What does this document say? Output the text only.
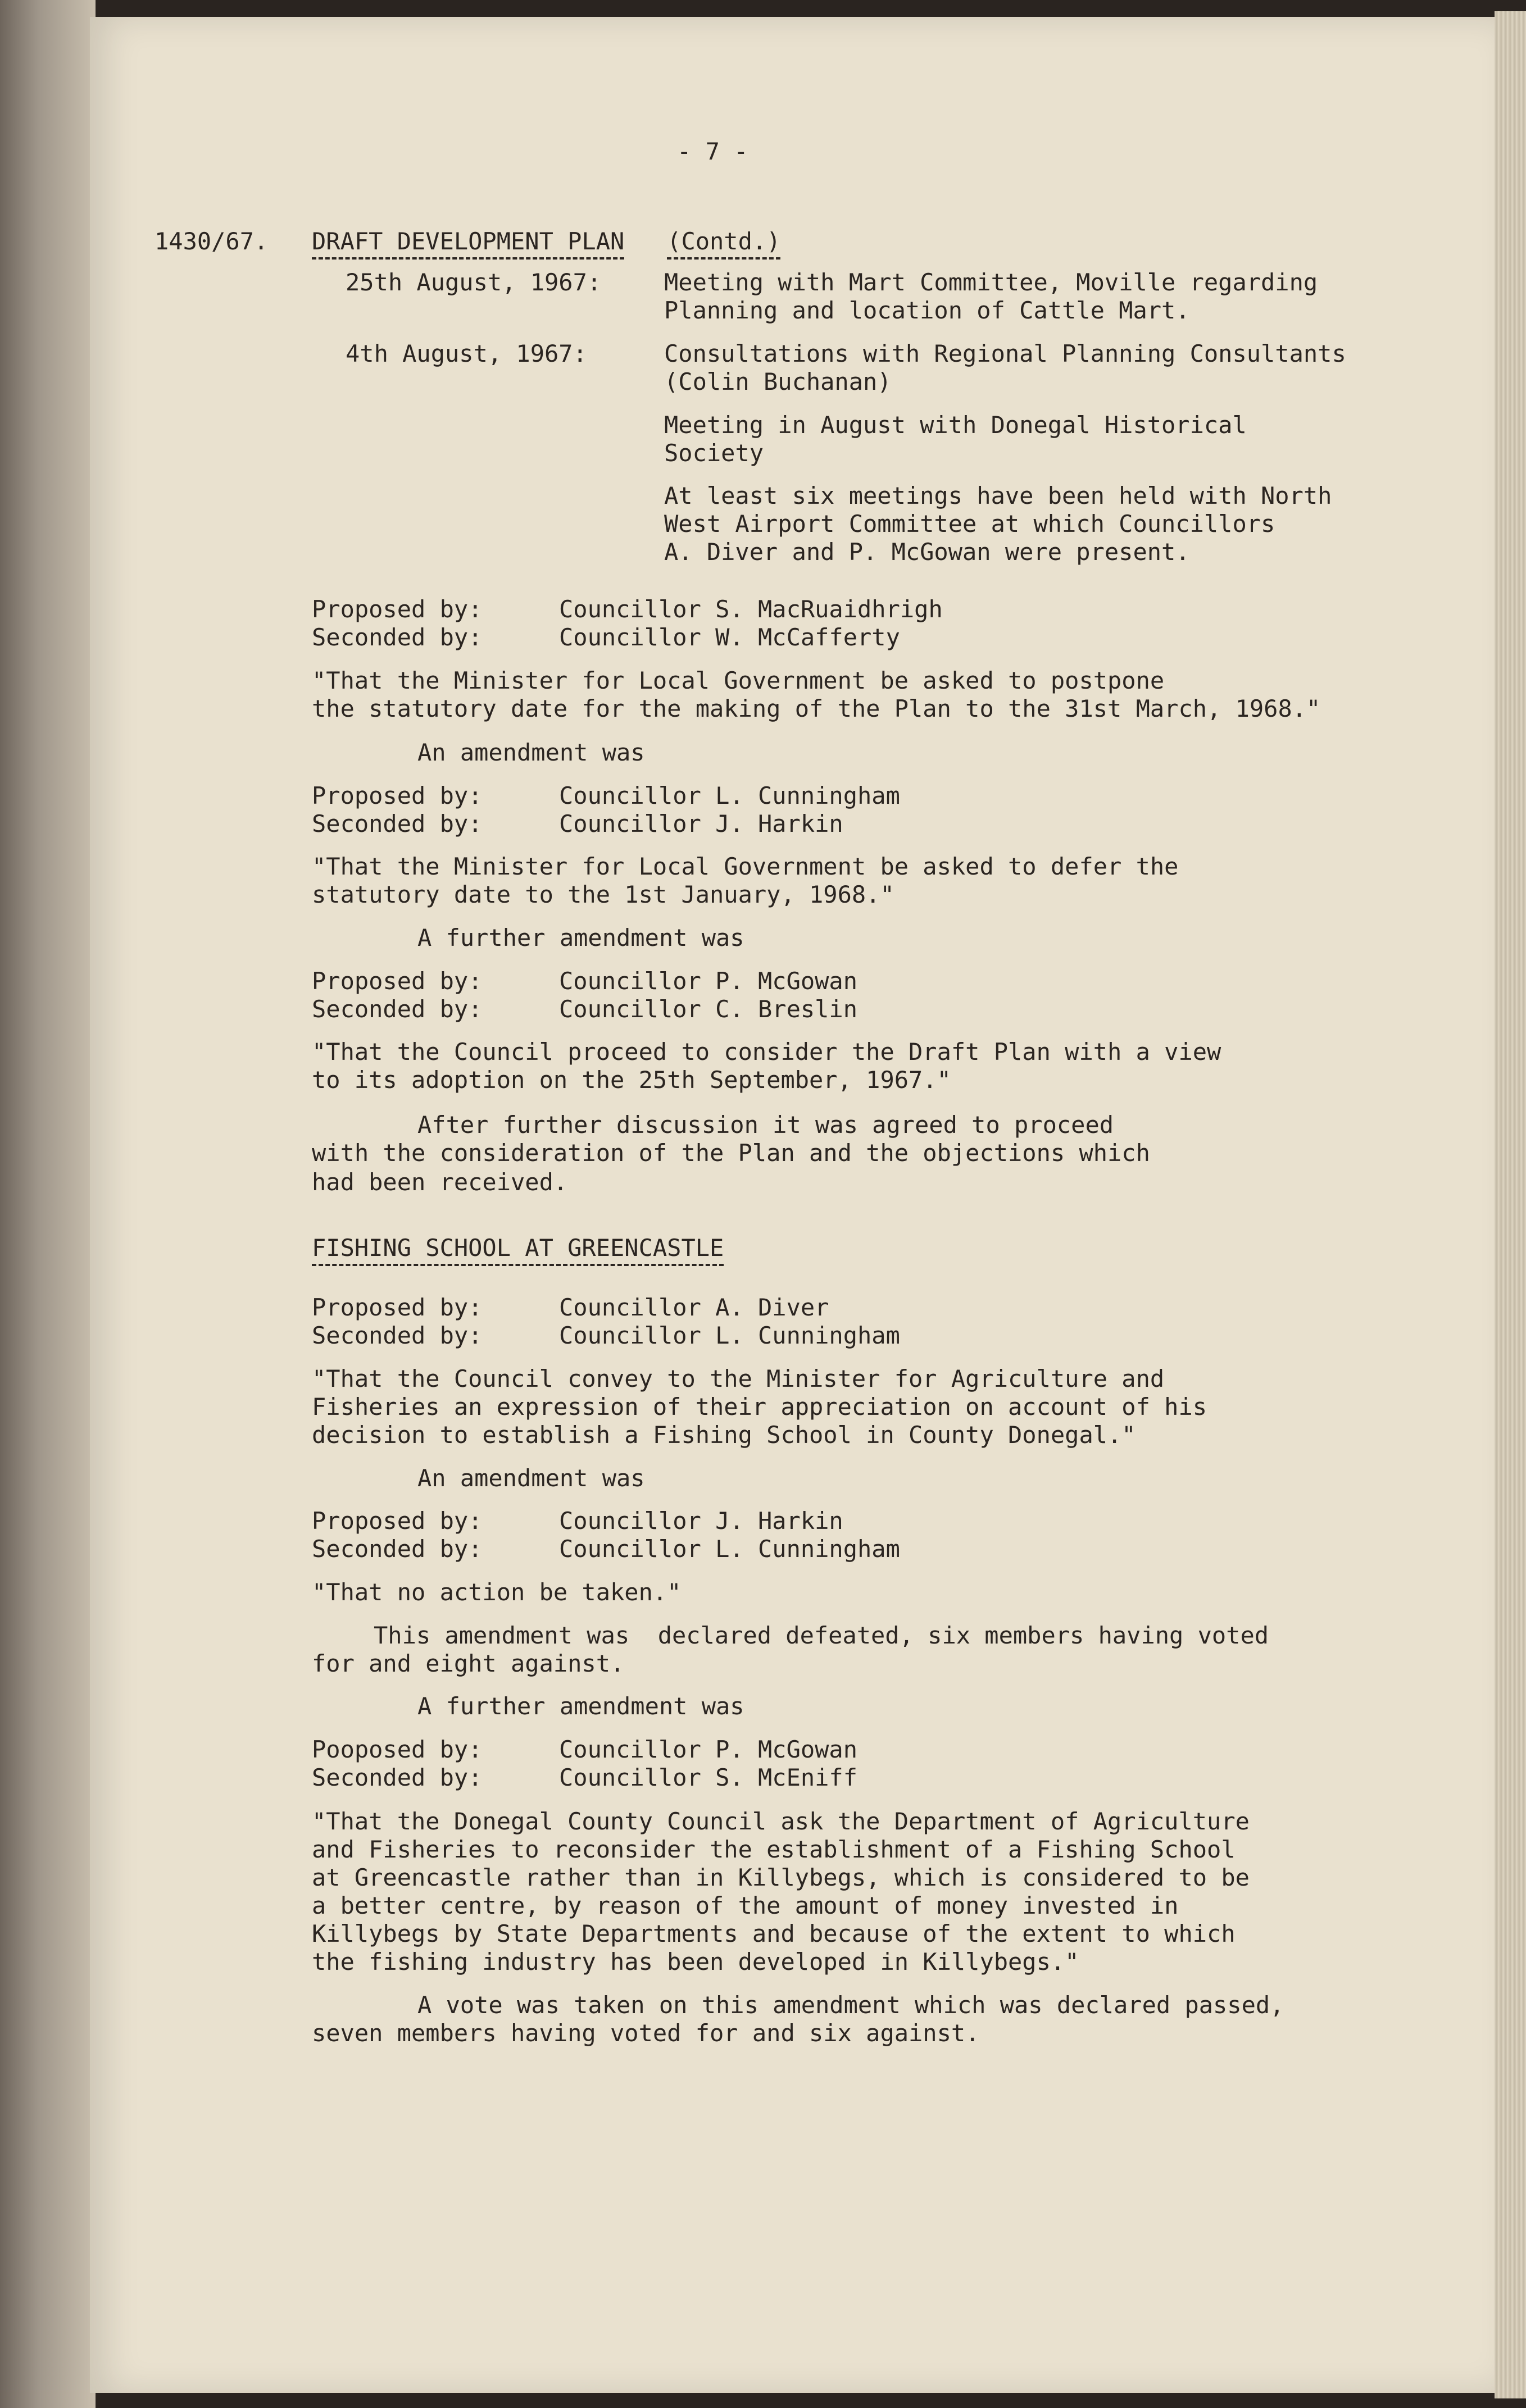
- 7 -

1430/67. DRAFT DEVELOPMENT PLAN (Contd.)

25th August, 1967:	Meeting with Mart Committee, Moville regarding

Planning and location of Cattle Mart.

4th August, 1967:	Consultations with Regional Planning Consultants

(Colin Buchanan)

Meeting in August with Donegal Historical

Society

At least six meetings have been held with North

West Airport Committee at which Councillors

A. Diver and P. McGowan were present.

Proposed by:	Councillor S. MacRuaidhrigh

Seconded by:	Councillor W. McCafferty

"That the Minister for Local Government be asked to postpone

the statutory date for the making of the Plan to the 31st March, 1968."

An amendment was

Proposed by:	Councillor L. Cunningham

Seconded by:	Councillor J. Harkin

"That the Minister for Local Government be asked to defer the

statutory date to the 1st January, 1968."

A further amendment was

Proposed by:	Councillor P. McGowan

Seconded by:	Councillor C. Breslin

"That the Council proceed to consider the Draft Plan with a view

to its adoption on the 25th September, 1967."

After further discussion it was agreed to proceed

with the consideration of the Plan and the objections which

had been received.

FISHING SCHOOL AT GREENCASTLE

Proposed by:	Councillor A. Diver

Seconded by:	Councillor L. Cunningham

"That the Council convey to the Minister for Agriculture and

Fisheries an expression of their appreciation on account of his

decision to establish a Fishing School in County Donegal."

An amendment was

Proposed by:	Councillor J. Harkin

Seconded by:	Councillor L. Cunningham

"That no action be taken."

This amendment was  declared defeated, six members having voted

for and eight against.

A further amendment was

Pooposed by:	Councillor P. McGowan

Seconded by:	Councillor S. McEniff

"That the Donegal County Council ask the Department of Agriculture

and Fisheries to reconsider the establishment of a Fishing School

at Greencastle rather than in Killybegs, which is considered to be

a better centre, by reason of the amount of money invested in

Killybegs by State Departments and because of the extent to which

the fishing industry has been developed in Killybegs."

A vote was taken on this amendment which was declared passed,

seven members having voted for and six against.
